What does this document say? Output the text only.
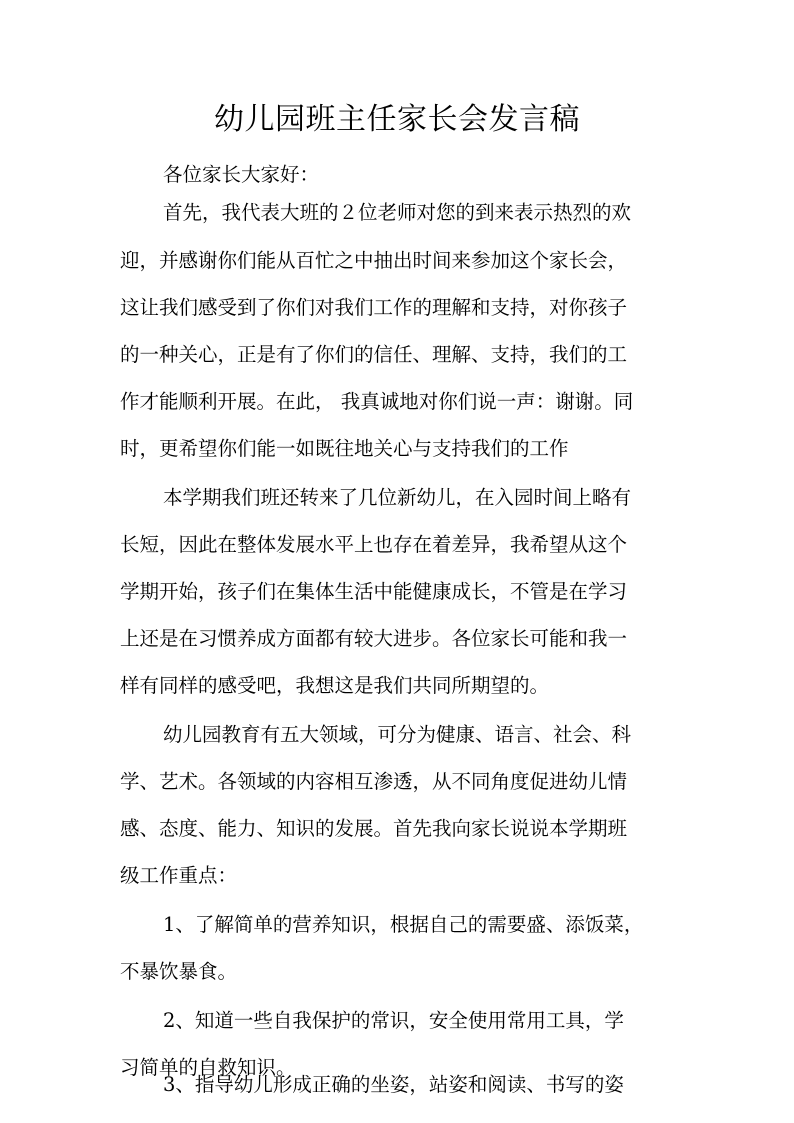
幼儿园班主任家长会发言稿

各位家长大家好：

首先，我代表大班的２位老师对您的到来表示热烈的欢

迎，并感谢你们能从百忙之中抽出时间来参加这个家长会，

这让我们感受到了你们对我们工作的理解和支持，对你孩子

的一种关心，正是有了你们的信任、理解、支持，我们的工

作才能顺利开展。在此， 我真诚地对你们说一声：谢谢。同

时，更希望你们能一如既往地关心与支持我们的工作

本学期我们班还转来了几位新幼儿，在入园时间上略有

长短，因此在整体发展水平上也存在着差异，我希望从这个

学期开始，孩子们在集体生活中能健康成长，不管是在学习

上还是在习惯养成方面都有较大进步。各位家长可能和我一

样有同样的感受吧，我想这是我们共同所期望的。

幼儿园教育有五大领域，可分为健康、语言、社会、科

学、艺术。各领域的内容相互渗透，从不同角度促进幼儿情

感、态度、能力、知识的发展。首先我向家长说说本学期班

级工作重点：

1、了解简单的营养知识，根据自己的需要盛、添饭菜，

不暴饮暴食。

2、知道一些自我保护的常识，安全使用常用工具，学

习简单的自救知识。

3、指导幼儿形成正确的坐姿，站姿和阅读、书写的姿
